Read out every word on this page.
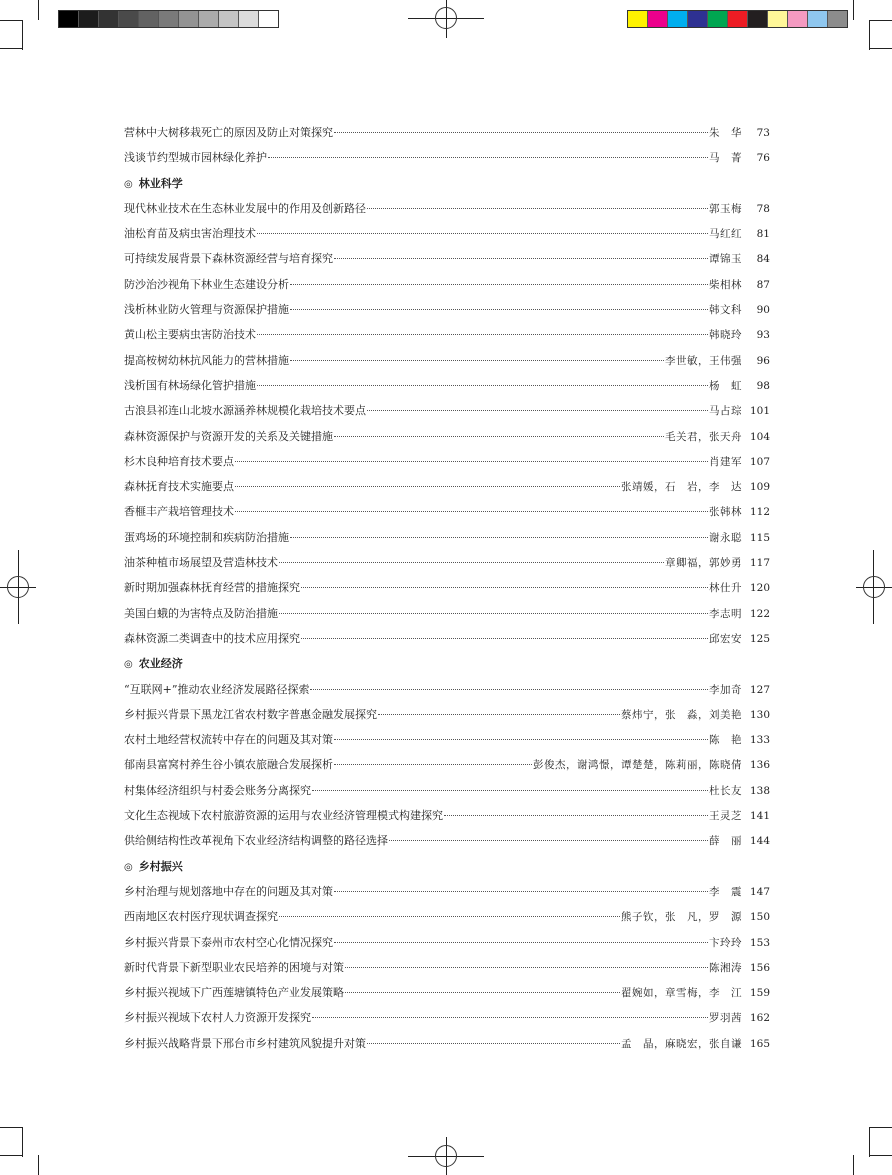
营林中大树移栽死亡的原因及防止对策探究	朱　华	73
浅谈节约型城市园林绿化养护	马　菁	76
◎ 林业科学
现代林业技术在生态林业发展中的作用及创新路径	郭玉梅	78
油松育苗及病虫害治理技术	马红红	81
可持续发展背景下森林资源经营与培育探究	谭锦玉	84
防沙治沙视角下林业生态建设分析	柴相林	87
浅析林业防火管理与资源保护措施	韩文科	90
黄山松主要病虫害防治技术	韩晓玲	93
提高桉树幼林抗风能力的营林措施	李世敏，王伟强	96
浅析国有林场绿化管护措施	杨　虹	98
古浪县祁连山北坡水源涵养林规模化栽培技术要点	马占琮 101
森林资源保护与资源开发的关系及关键措施	毛关君，张天舟 104
杉木良种培育技术要点	肖建军 107
森林抚育技术实施要点	张靖媛，石　岩，李　达 109
香榧丰产栽培管理技术	张韩林 112
蛋鸡场的环境控制和疾病防治措施	谢永聪 115
油茶种植市场展望及营造林技术	章卿福，郭妙勇 117
新时期加强森林抚育经营的措施探究	林仕升 120
美国白蛾的为害特点及防治措施	李志明 122
森林资源二类调查中的技术应用探究	邱宏安 125
◎ 农业经济
“互联网+”推动农业经济发展路径探索	李加奇 127
乡村振兴背景下黑龙江省农村数字普惠金融发展探究	蔡炜宁，张　淼，刘美艳 130
农村土地经营权流转中存在的问题及其对策	陈　艳 133
郁南县富窝村养生谷小镇农旅融合发展探析	彭俊杰，谢鸿憬，谭楚楚，陈莉丽，陈晓倩 136
村集体经济组织与村委会账务分离探究	杜长友 138
文化生态视域下农村旅游资源的运用与农业经济管理模式构建探究	王灵芝 141
供给侧结构性改革视角下农业经济结构调整的路径选择	薛　丽 144
◎ 乡村振兴
乡村治理与规划落地中存在的问题及其对策	李　震 147
西南地区农村医疗现状调查探究	熊子钦，张　凡，罗　源 150
乡村振兴背景下泰州市农村空心化情况探究	卞玲玲 153
新时代背景下新型职业农民培养的困境与对策	陈湘涛 156
乡村振兴视域下广西莲塘镇特色产业发展策略	翟婉如，章雪梅，李　江 159
乡村振兴视域下农村人力资源开发探究	罗羽茜 162
乡村振兴战略背景下邢台市乡村建筑风貌提升对策	孟　晶，麻晓宏，张自谦 165
